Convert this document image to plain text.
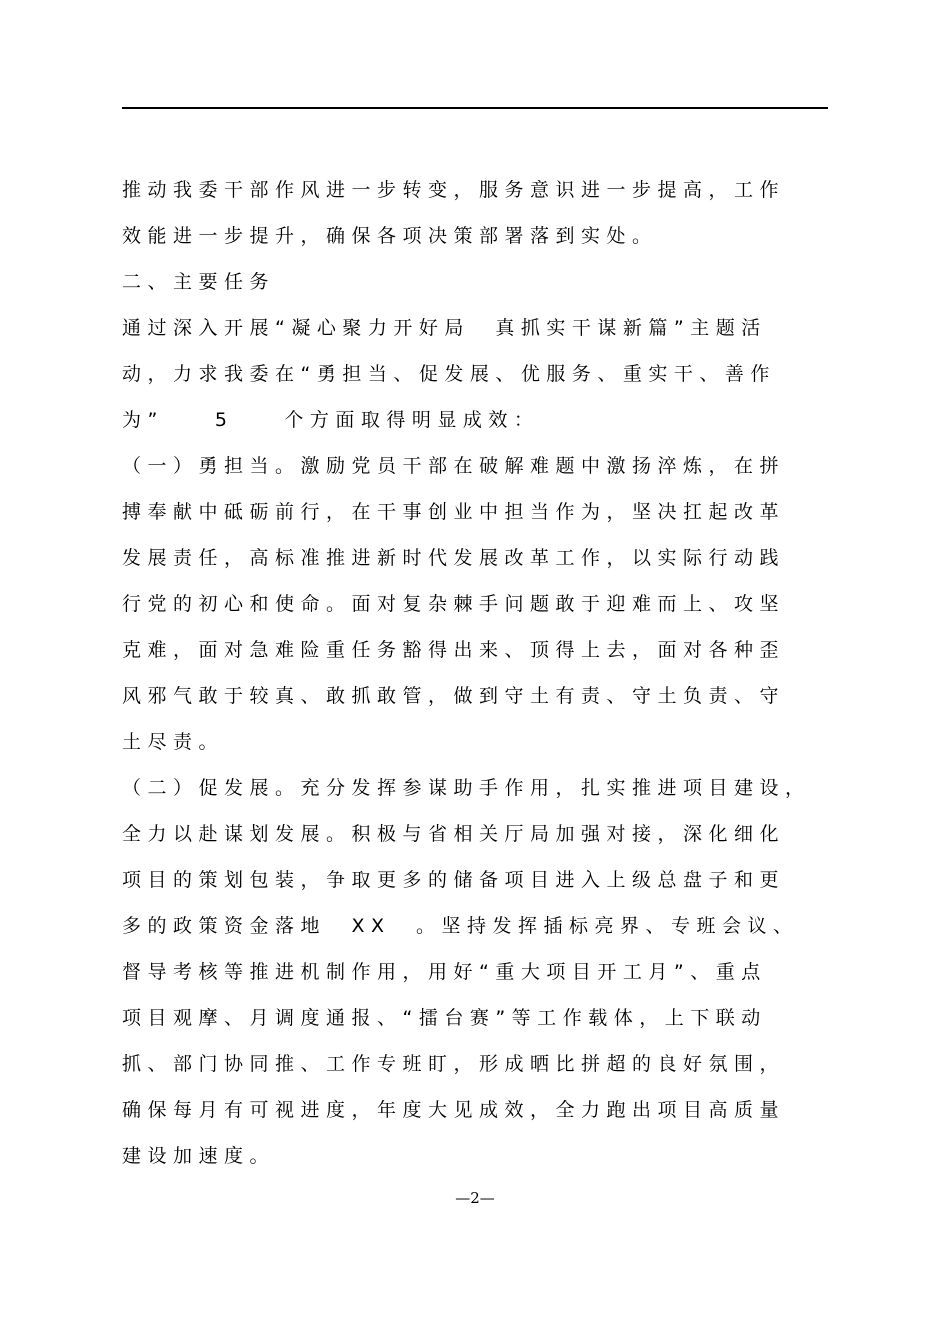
推动我委干部作风进一步转变，服务意识进一步提高，工作
效能进一步提升，确保各项决策部署落到实处。
二、主要任务
通过深入开展“凝心聚力开好局　真抓实干谋新篇”主题活
动，力求我委在“勇担当、促发展、优服务、重实干、善作
为”　　5　　个方面取得明显成效：
（一）勇担当。激励党员干部在破解难题中激扬淬炼，在拼
搏奉献中砥砺前行，在干事创业中担当作为，坚决扛起改革
发展责任，高标准推进新时代发展改革工作，以实际行动践
行党的初心和使命。面对复杂棘手问题敢于迎难而上、攻坚
克难，面对急难险重任务豁得出来、顶得上去，面对各种歪
风邪气敢于较真、敢抓敢管，做到守土有责、守土负责、守
土尽责。
（二）促发展。充分发挥参谋助手作用，扎实推进项目建设，
全力以赴谋划发展。积极与省相关厅局加强对接，深化细化
项目的策划包装，争取更多的储备项目进入上级总盘子和更
多的政策资金落地　XX　。坚持发挥插标亮界、专班会议、
督导考核等推进机制作用，用好“重大项目开工月”、重点
项目观摩、月调度通报、“擂台赛”等工作载体，上下联动
抓、部门协同推、工作专班盯，形成晒比拼超的良好氛围，
确保每月有可视进度，年度大见成效，全力跑出项目高质量
建设加速度。
—2—
